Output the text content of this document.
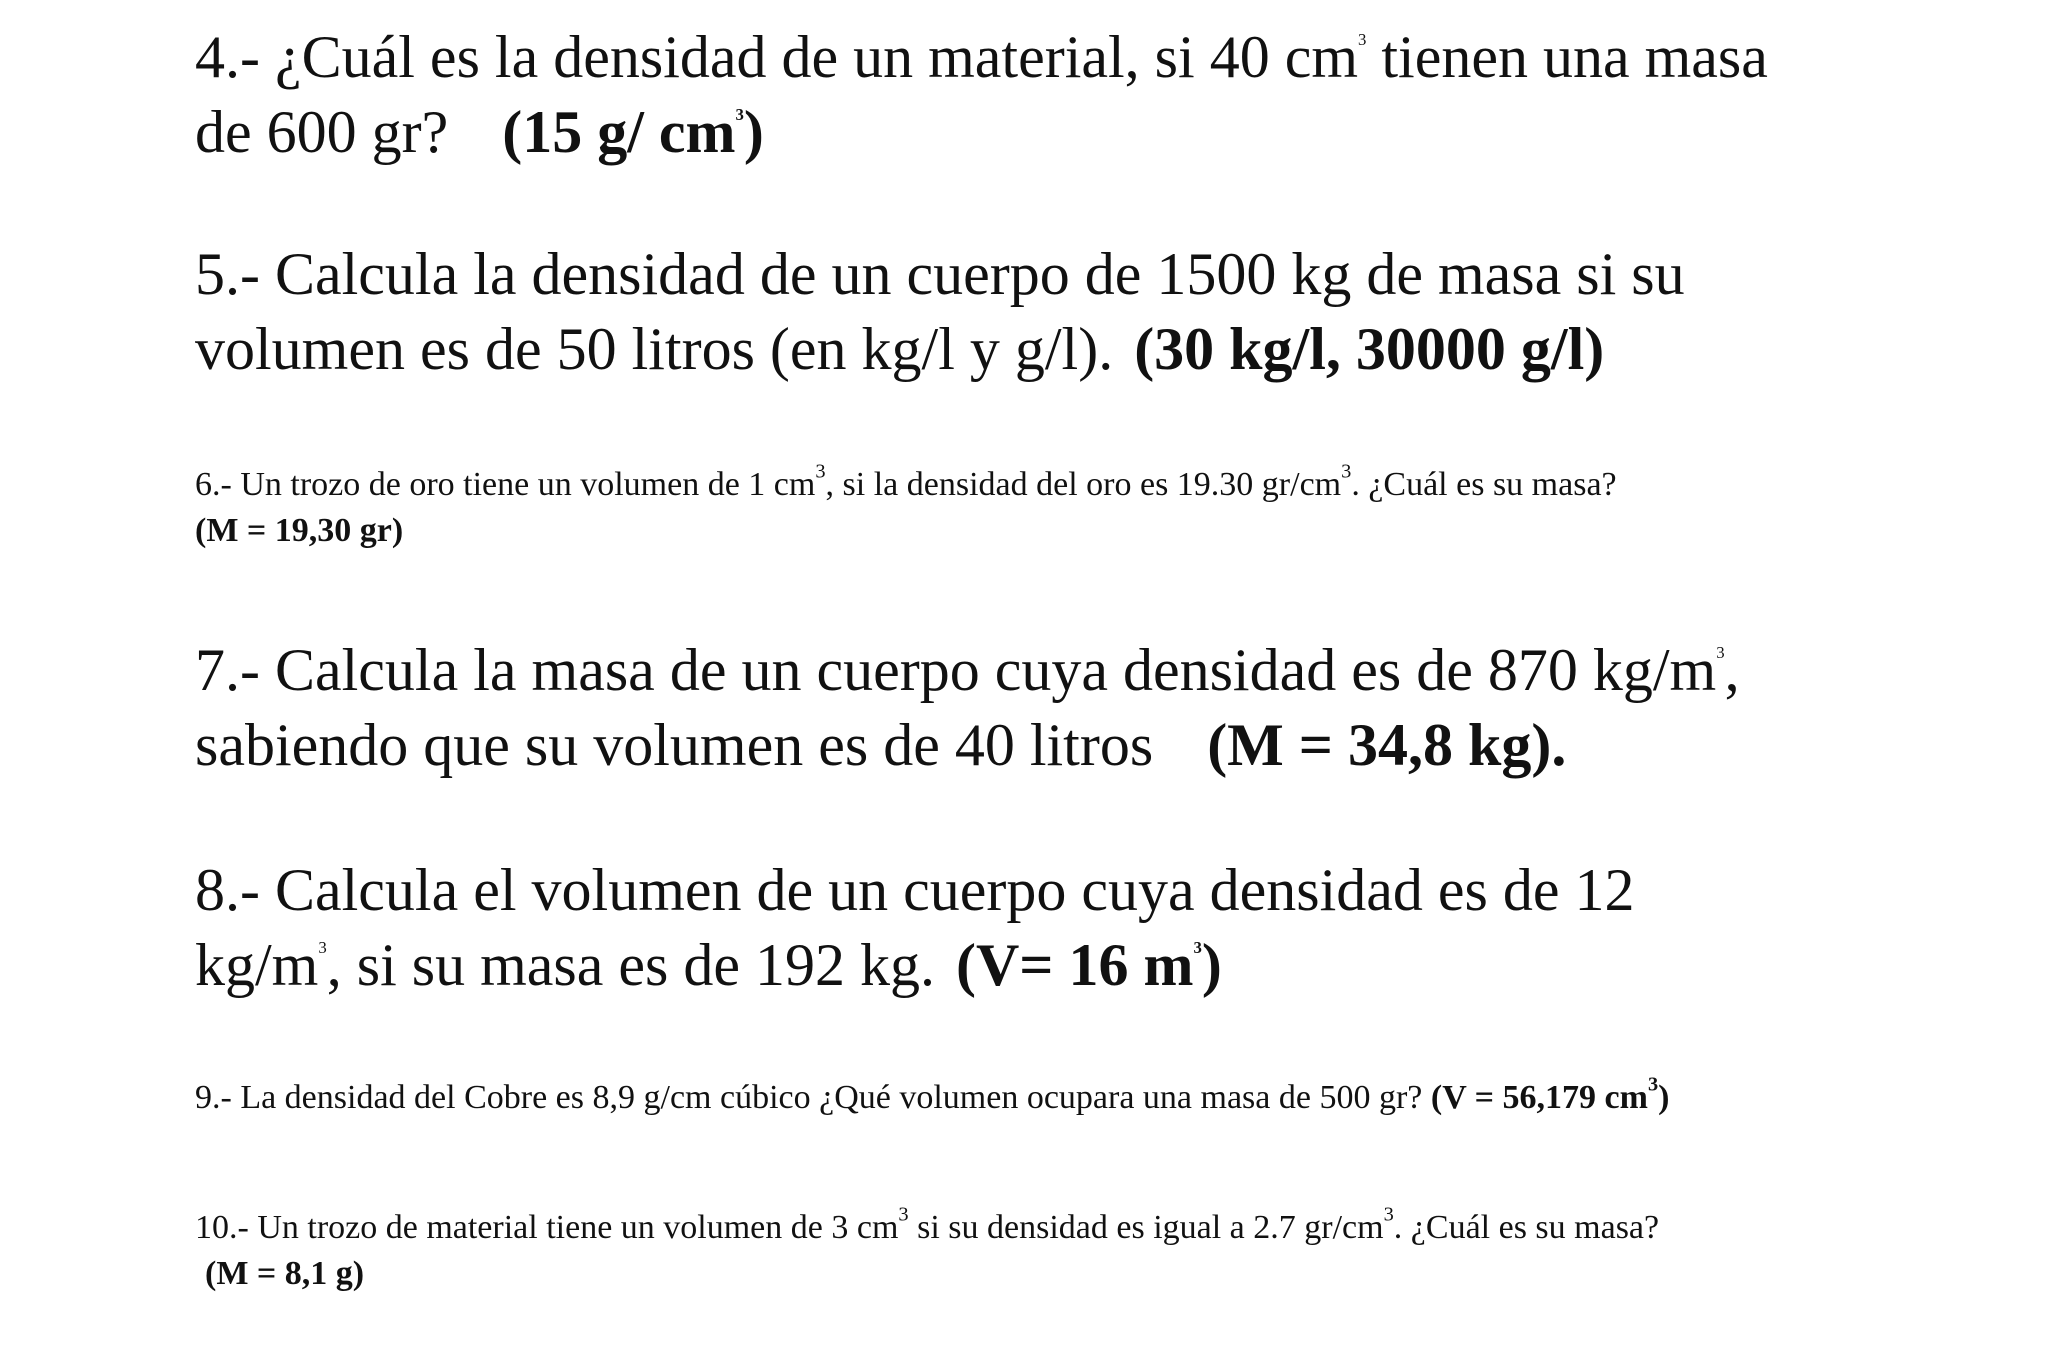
4.- ¿Cuál es la densidad de un material, si 40 $cm^3$ tienen una masa
de 600 gr? (15 g/ $cm^3$)
5.- Calcula la densidad de un cuerpo de 1500 kg de masa si su
volumen es de 50 litros (en kg/l y g/l). (30 kg/l, 30000 g/l)
6.- Un trozo de oro tiene un volumen de 1 $cm^3$, si la densidad del oro es 19.30 $gr/cm^3$. ¿Cuál es su masa?
(M = 19,30 gr)
7.- Calcula la masa de un cuerpo cuya densidad es de 870 $kg/m^3$,
sabiendo que su volumen es de 40 litros (M = 34,8 kg).
8.- Calcula el volumen de un cuerpo cuya densidad es de 12
$kg/m^3$, si su masa es de 192 kg. (V= 16 $m^3$)
9.- La densidad del Cobre es 8,9 g/cm cúbico ¿Qué volumen ocupara una masa de 500 gr? (V = 56,179 $cm^3$)
10.- Un trozo de material tiene un volumen de 3 $cm^3$ si su densidad es igual a 2.7 $gr/cm^3$. ¿Cuál es su masa?
(M = 8,1 g)
